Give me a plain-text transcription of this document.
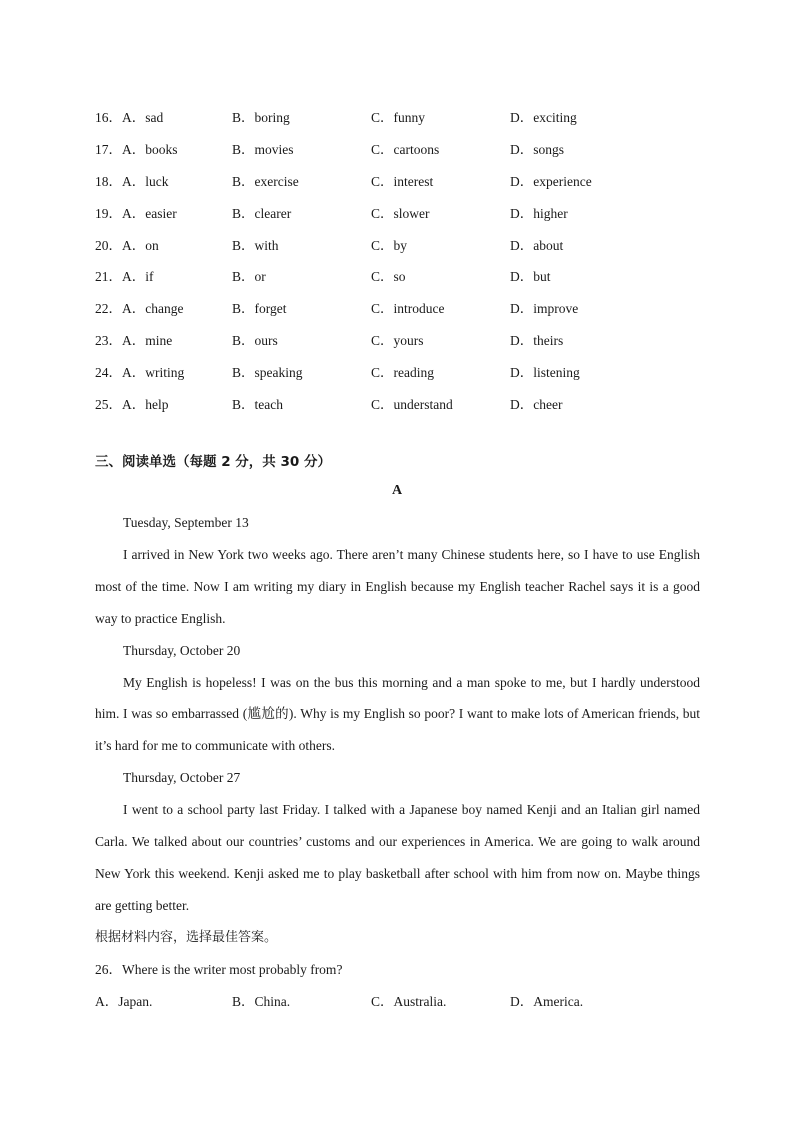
16．A．sad	B．boring	C．funny	D．exciting
17．A．books	B．movies	C．cartoons	D．songs
18．A．luck	B．exercise	C．interest	D．experience
19．A．easier	B．clearer	C．slower	D．higher
20．A．on	B．with	C．by	D．about
21．A．if	B．or	C．so	D．but
22．A．change	B．forget	C．introduce	D．improve
23．A．mine	B．ours	C．yours	D．theirs
24．A．writing	B．speaking	C．reading	D．listening
25．A．help	B．teach	C．understand	D．cheer
三、阅读单选（每题 2 分，共 30 分）
A

Tuesday, September 13

I arrived in New York two weeks ago. There aren’t many Chinese students here, so I have to use English most of the time. Now I am writing my diary in English because my English teacher Rachel says it is a good way to practice English.

Thursday, October 20

My English is hopeless! I was on the bus this morning and a man spoke to me, but I hardly understood him. I was so embarrassed (尴尬的). Why is my English so poor? I want to make lots of American friends, but it’s hard for me to communicate with others.

Thursday, October 27

I went to a school party last Friday. I talked with a Japanese boy named Kenji and an Italian girl named Carla. We talked about our countries’ customs and our experiences in America. We are going to walk around New York this weekend. Kenji asked me to play basketball after school with him from now on. Maybe things are getting better.

根据材料内容，选择最佳答案。

26．Where is the writer most probably from?

A．Japan.	B．China.	C．Australia.	D．America.
